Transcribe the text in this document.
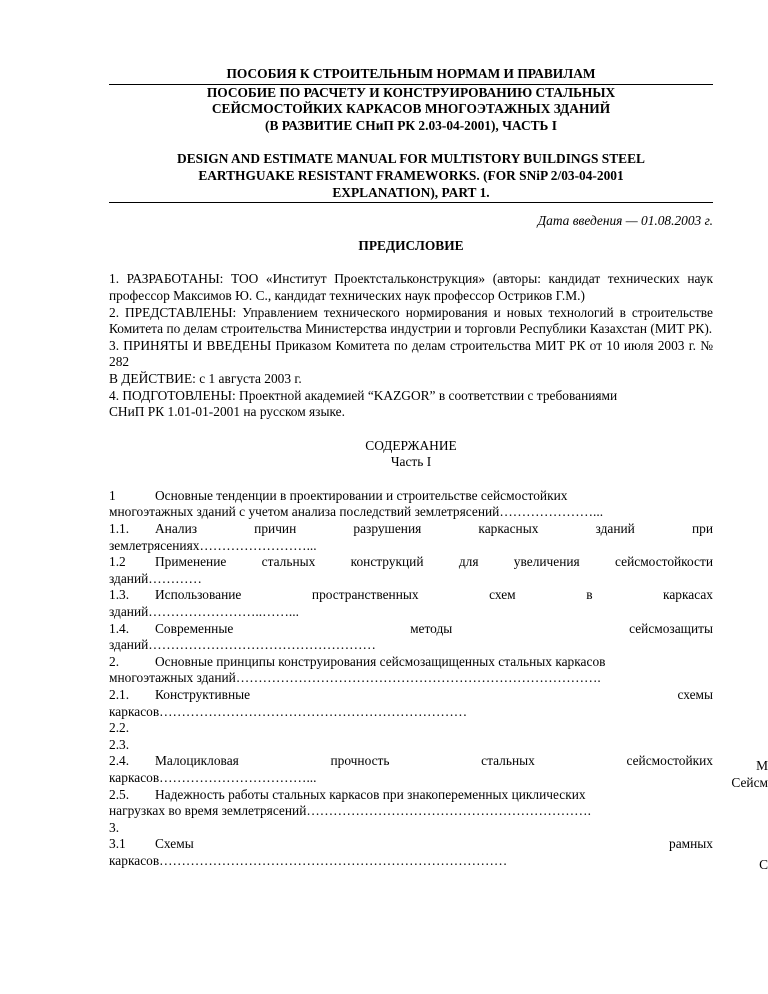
ПОСОБИЯ К СТРОИТЕЛЬНЫМ НОРМАМ И ПРАВИЛАМ
ПОСОБИЕ ПО РАСЧЕТУ И КОНСТРУИРОВАНИЮ СТАЛЬНЫХ
СЕЙСМОСТОЙКИХ КАРКАСОВ МНОГОЭТАЖНЫХ ЗДАНИЙ
(В РАЗВИТИЕ СНиП РК 2.03-04-2001), ЧАСТЬ I
DESIGN AND ESTIMATE MANUAL FOR MULTISTORY BUILDINGS STEEL
EARTHGUAKE RESISTANT FRAMEWORKS. (FOR SNiP 2/03-04-2001
EXPLANATION), PART 1.
Дата введения — 01.08.2003 г.
ПРЕДИСЛОВИЕ

1. РАЗРАБОТАНЫ: ТОО «Институт Проектстальконструкция» (авторы: кандидат технических наук профессор Максимов Ю. С., кандидат технических наук профессор Остриков Г.М.)

2. ПРЕДСТАВЛЕНЫ: Управлением технического нормирования и новых технологий в строительстве Комитета по делам строительства Министерства индустрии и торговли Республики Казахстан (МИТ РК).

3. ПРИНЯТЫ И ВВЕДЕНЫ Приказом Комитета по делам строительства МИТ РК от 10 июля 2003 г. № 282

В ДЕЙСТВИЕ: с 1 августа 2003 г.

4. ПОДГОТОВЛЕНЫ: Проектной академией “KAZGOR” в соответствии с требованиями

СНиП РК 1.01-01-2001 на русском языке.

СОДЕРЖАНИЕ
Часть I
1	Основные тенденции в проектировании и строительстве сейсмостойких
многоэтажных зданий с учетом анализа последствий землетрясений…………………...
1.1. Анализ причин разрушения каркасных зданий при
землетрясениях……………………...
1.2 Применение стальных конструкций для увеличения сейсмостойкости
зданий…………
1.3. Использование пространственных схем в каркасах
зданий……………………..……...
1.4. Современные методы сейсмозащиты
зданий……………………………………………
2.	Основные принципы конструирования сейсмозащищенных стальных каркасов
многоэтажных зданий……………………………………………………………………….
2.1. Конструктивные схемы
каркасов……………………………………………………………
2.2.
2.3.
2.4. Малоцикловая прочность стальных сейсмостойких
каркасов……………………………...
2.5. Надежность работы стальных каркасов при знакопеременных циклических
нагрузках во время землетрясений……………………………………………………….
3.
3.1 Схемы рамных
каркасов……………………………………………………………………
М
Сейсм
С
